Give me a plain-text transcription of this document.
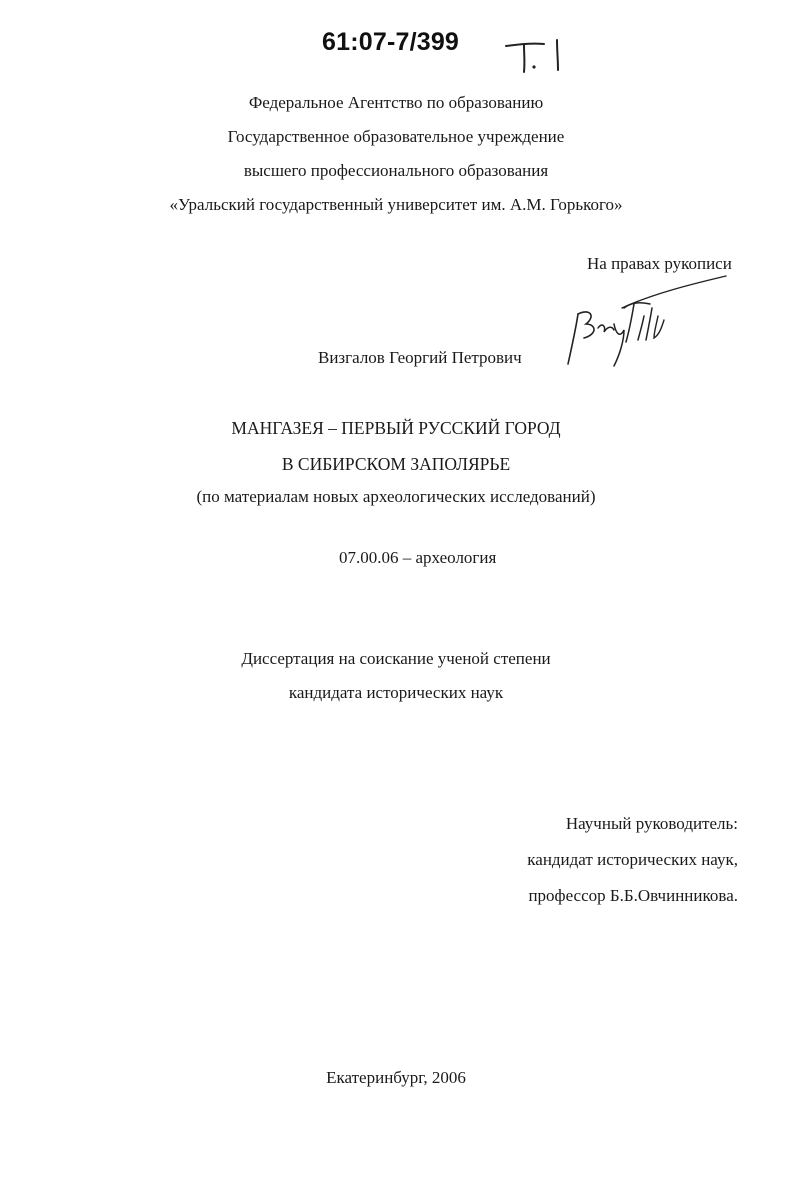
61:07-7/399
Федеральное Агентство по образованию
Государственное образовательное учреждение
высшего профессионального образования
«Уральский государственный университет им. А.М. Горького»
На правах рукописи
Визгалов Георгий Петрович
МАНГАЗЕЯ – ПЕРВЫЙ РУССКИЙ ГОРОД
В СИБИРСКОМ ЗАПОЛЯРЬЕ
(по материалам новых археологических исследований)
07.00.06 – археология
Диссертация на соискание ученой степени
кандидата исторических наук
Научный руководитель:
кандидат исторических наук,
профессор Б.Б.Овчинникова.
Екатеринбург, 2006
